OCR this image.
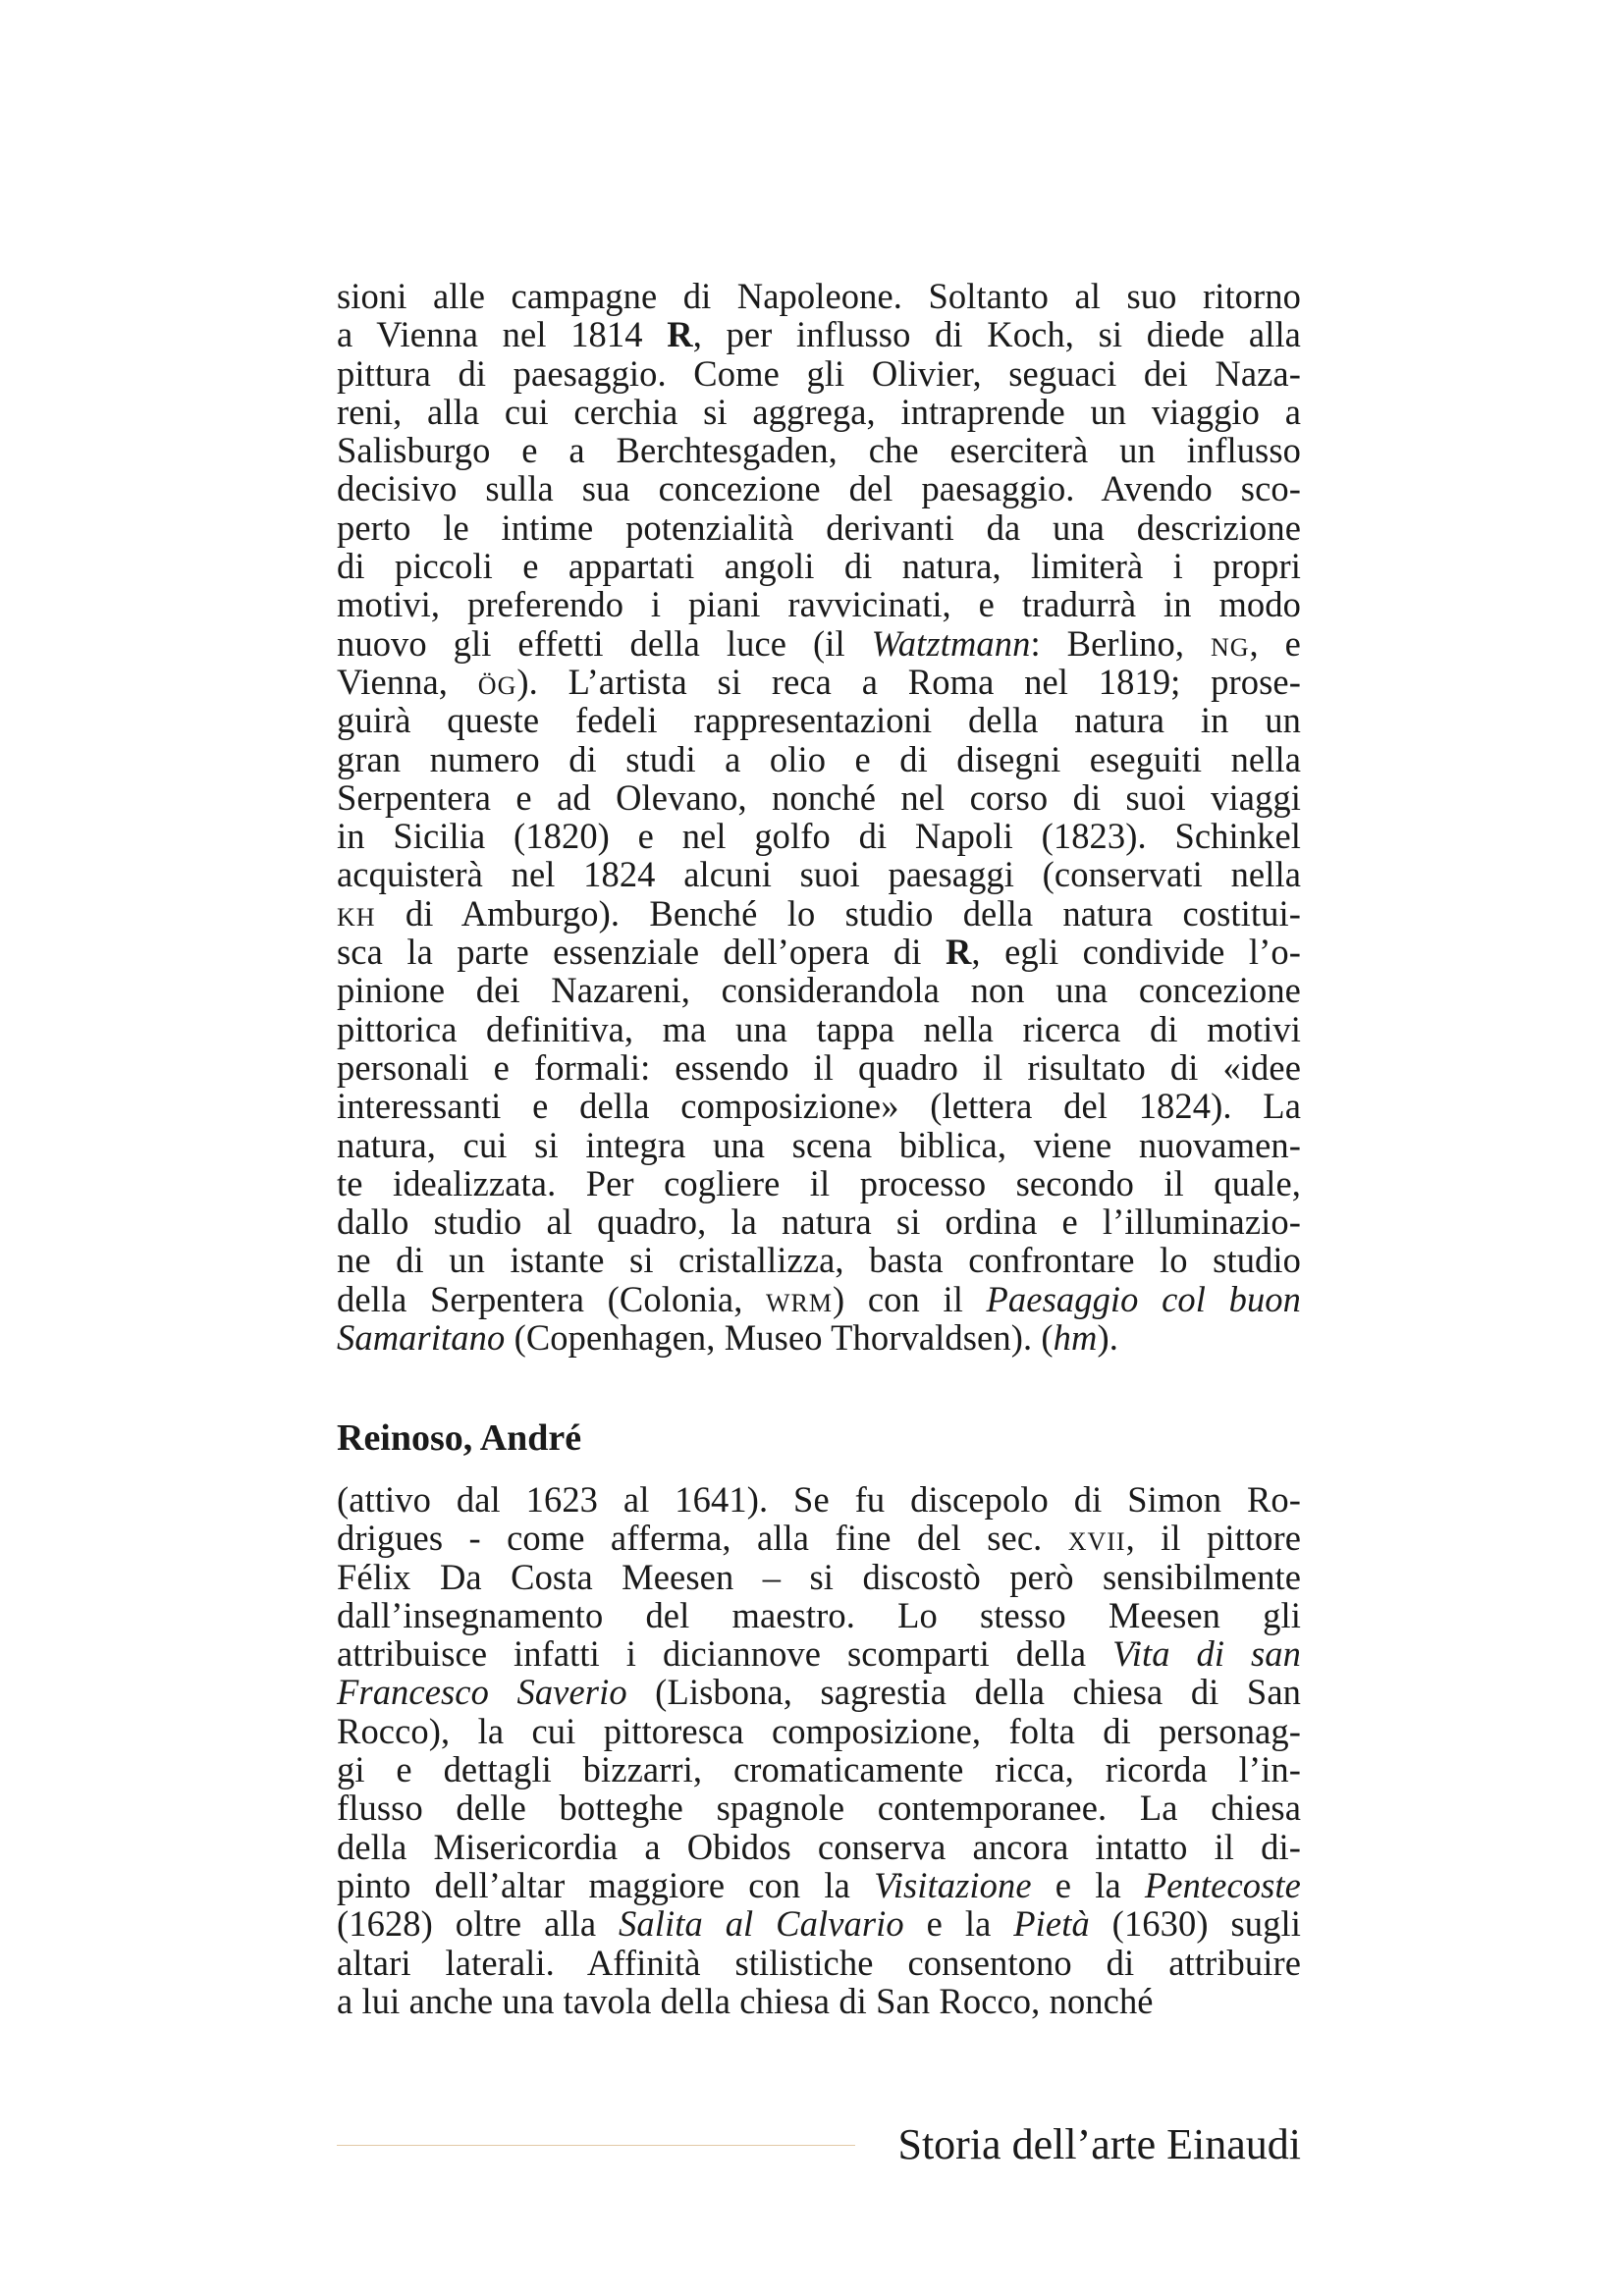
sioni alle campagne di Napoleone. Soltanto al suo ritorno
a Vienna nel 1814 R, per influsso di Koch, si diede alla
pittura di paesaggio. Come gli Olivier, seguaci dei Naza-
reni, alla cui cerchia si aggrega, intraprende un viaggio a
Salisburgo e a Berchtesgaden, che eserciterà un influsso
decisivo sulla sua concezione del paesaggio. Avendo sco-
perto le intime potenzialità derivanti da una descrizione
di piccoli e appartati angoli di natura, limiterà i propri
motivi, preferendo i piani ravvicinati, e tradurrà in modo
nuovo gli effetti della luce (il Watztmann: Berlino, ng, e
Vienna, ög). L’artista si reca a Roma nel 1819; prose-
guirà queste fedeli rappresentazioni della natura in un
gran numero di studi a olio e di disegni eseguiti nella
Serpentera e ad Olevano, nonché nel corso di suoi viaggi
in Sicilia (1820) e nel golfo di Napoli (1823). Schinkel
acquisterà nel 1824 alcuni suoi paesaggi (conservati nella
kh di Amburgo). Benché lo studio della natura costitui-
sca la parte essenziale dell’opera di R, egli condivide l’o-
pinione dei Nazareni, considerandola non una concezione
pittorica definitiva, ma una tappa nella ricerca di motivi
personali e formali: essendo il quadro il risultato di «idee
interessanti e della composizione» (lettera del 1824). La
natura, cui si integra una scena biblica, viene nuovamen-
te idealizzata. Per cogliere il processo secondo il quale,
dallo studio al quadro, la natura si ordina e l’illuminazio-
ne di un istante si cristallizza, basta confrontare lo studio
della Serpentera (Colonia, wrm) con il Paesaggio col buon
Samaritano (Copenhagen, Museo Thorvaldsen). (hm).
Reinoso, André
(attivo dal 1623 al 1641). Se fu discepolo di Simon Ro-
drigues - come afferma, alla fine del sec. xvii, il pittore
Félix Da Costa Meesen – si discostò però sensibilmente
dall’insegnamento del maestro. Lo stesso Meesen gli
attribuisce infatti i diciannove scomparti della Vita di san
Francesco Saverio (Lisbona, sagrestia della chiesa di San
Rocco), la cui pittoresca composizione, folta di personag-
gi e dettagli bizzarri, cromaticamente ricca, ricorda l’in-
flusso delle botteghe spagnole contemporanee. La chiesa
della Misericordia a Obidos conserva ancora intatto il di-
pinto dell’altar maggiore con la Visitazione e la Pentecoste
(1628) oltre alla Salita al Calvario e la Pietà (1630) sugli
altari laterali. Affinità stilistiche consentono di attribuire
a lui anche una tavola della chiesa di San Rocco, nonché
Storia dell’arte Einaudi
